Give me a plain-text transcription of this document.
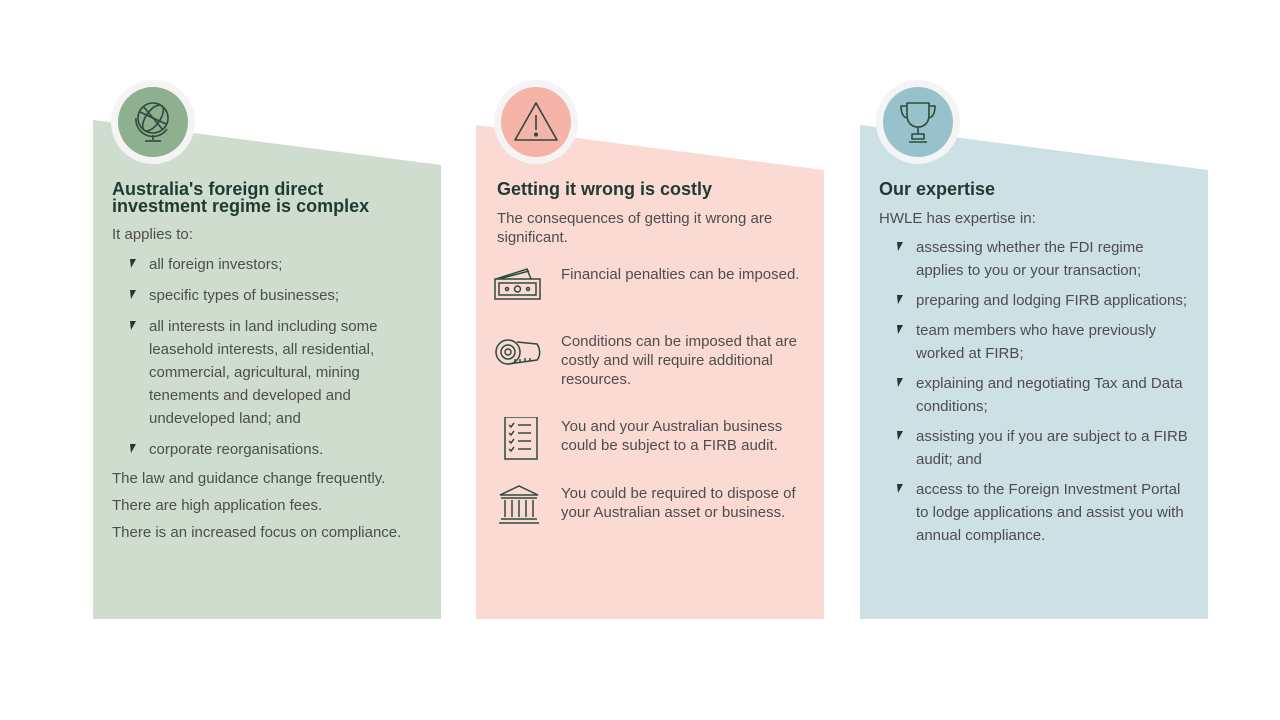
Australia's foreign direct investment regime is complex
It applies to:
all foreign investors;
specific types of businesses;
all interests in land including some leasehold interests, all residential, commercial, agricultural, mining tenements and developed and undeveloped land; and
corporate reorganisations.

The law and guidance change frequently.

There are high application fees.

There is an increased focus on compliance.

Getting it wrong is costly
The consequences of getting it wrong are significant.
Financial penalties can be imposed.
Conditions can be imposed that are costly and will require additional resources.
You and your Australian business could be subject to a FIRB audit.
You could be required to dispose of your Australian asset or business.
Our expertise
HWLE has expertise in:
assessing whether the FDI regime applies to you or your transaction;
preparing and lodging FIRB applications;
team members who have previously worked at FIRB;
explaining and negotiating Tax and Data conditions;
assisting you if you are subject to a FIRB audit; and
access to the Foreign Investment Portal to lodge applications and assist you with annual compliance.
